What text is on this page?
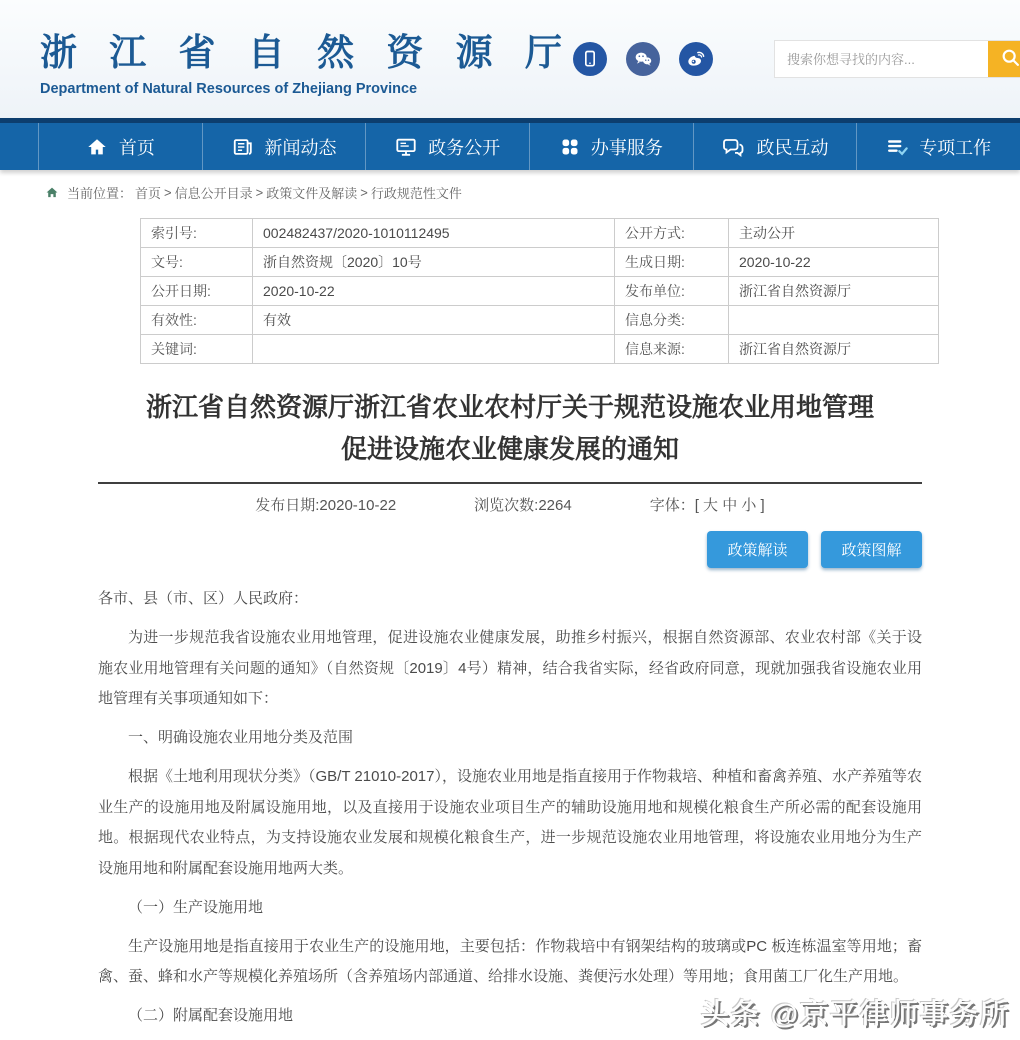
浙 江 省 自 然 资 源 厅
Department of Natural Resources of Zhejiang Province
搜索你想寻找的内容...
首页	新闻动态	政务公开	办事服务	政民互动	专项工作
当前位置： 首页 > 信息公开目录 > 政策文件及解读 > 行政规范性文件
索引号:	002482437/2020-1010112495	公开方式:	主动公开
文号:	浙自然资规〔2020〕10号	生成日期:	2020-10-22
公开日期:	2020-10-22	发布单位:	浙江省自然资源厅
有效性:	有效	信息分类:	
关键词:		信息来源:	浙江省自然资源厅
浙江省自然资源厅浙江省农业农村厅关于规范设施农业用地管理
促进设施农业健康发展的通知
发布日期:2020-10-22	浏览次数:2264	字体：[ 大 中 小 ]
政策解读	政策图解

各市、县（市、区）人民政府：

为进一步规范我省设施农业用地管理，促进设施农业健康发展，助推乡村振兴，根据自然资源部、农业农村部《关于设施农业用地管理有关问题的通知》（自然资规〔2019〕4号）精神，结合我省实际，经省政府同意，现就加强我省设施农业用地管理有关事项通知如下：

一、明确设施农业用地分类及范围

根据《土地利用现状分类》（GB/T 21010-2017），设施农业用地是指直接用于作物栽培、种植和畜禽养殖、水产养殖等农业生产的设施用地及附属设施用地，以及直接用于设施农业项目生产的辅助设施用地和规模化粮食生产所必需的配套设施用地。根据现代农业特点，为支持设施农业发展和规模化粮食生产，进一步规范设施农业用地管理，将设施农业用地分为生产设施用地和附属配套设施用地两大类。

（一）生产设施用地

生产设施用地是指直接用于农业生产的设施用地，主要包括：作物栽培中有钢架结构的玻璃或PC 板连栋温室等用地；畜禽、蚕、蜂和水产等规模化养殖场所（含养殖场内部通道、给排水设施、粪便污水处理）等用地；食用菌工厂化生产用地。

（二）附属配套设施用地	头条 @京平律师事务所
